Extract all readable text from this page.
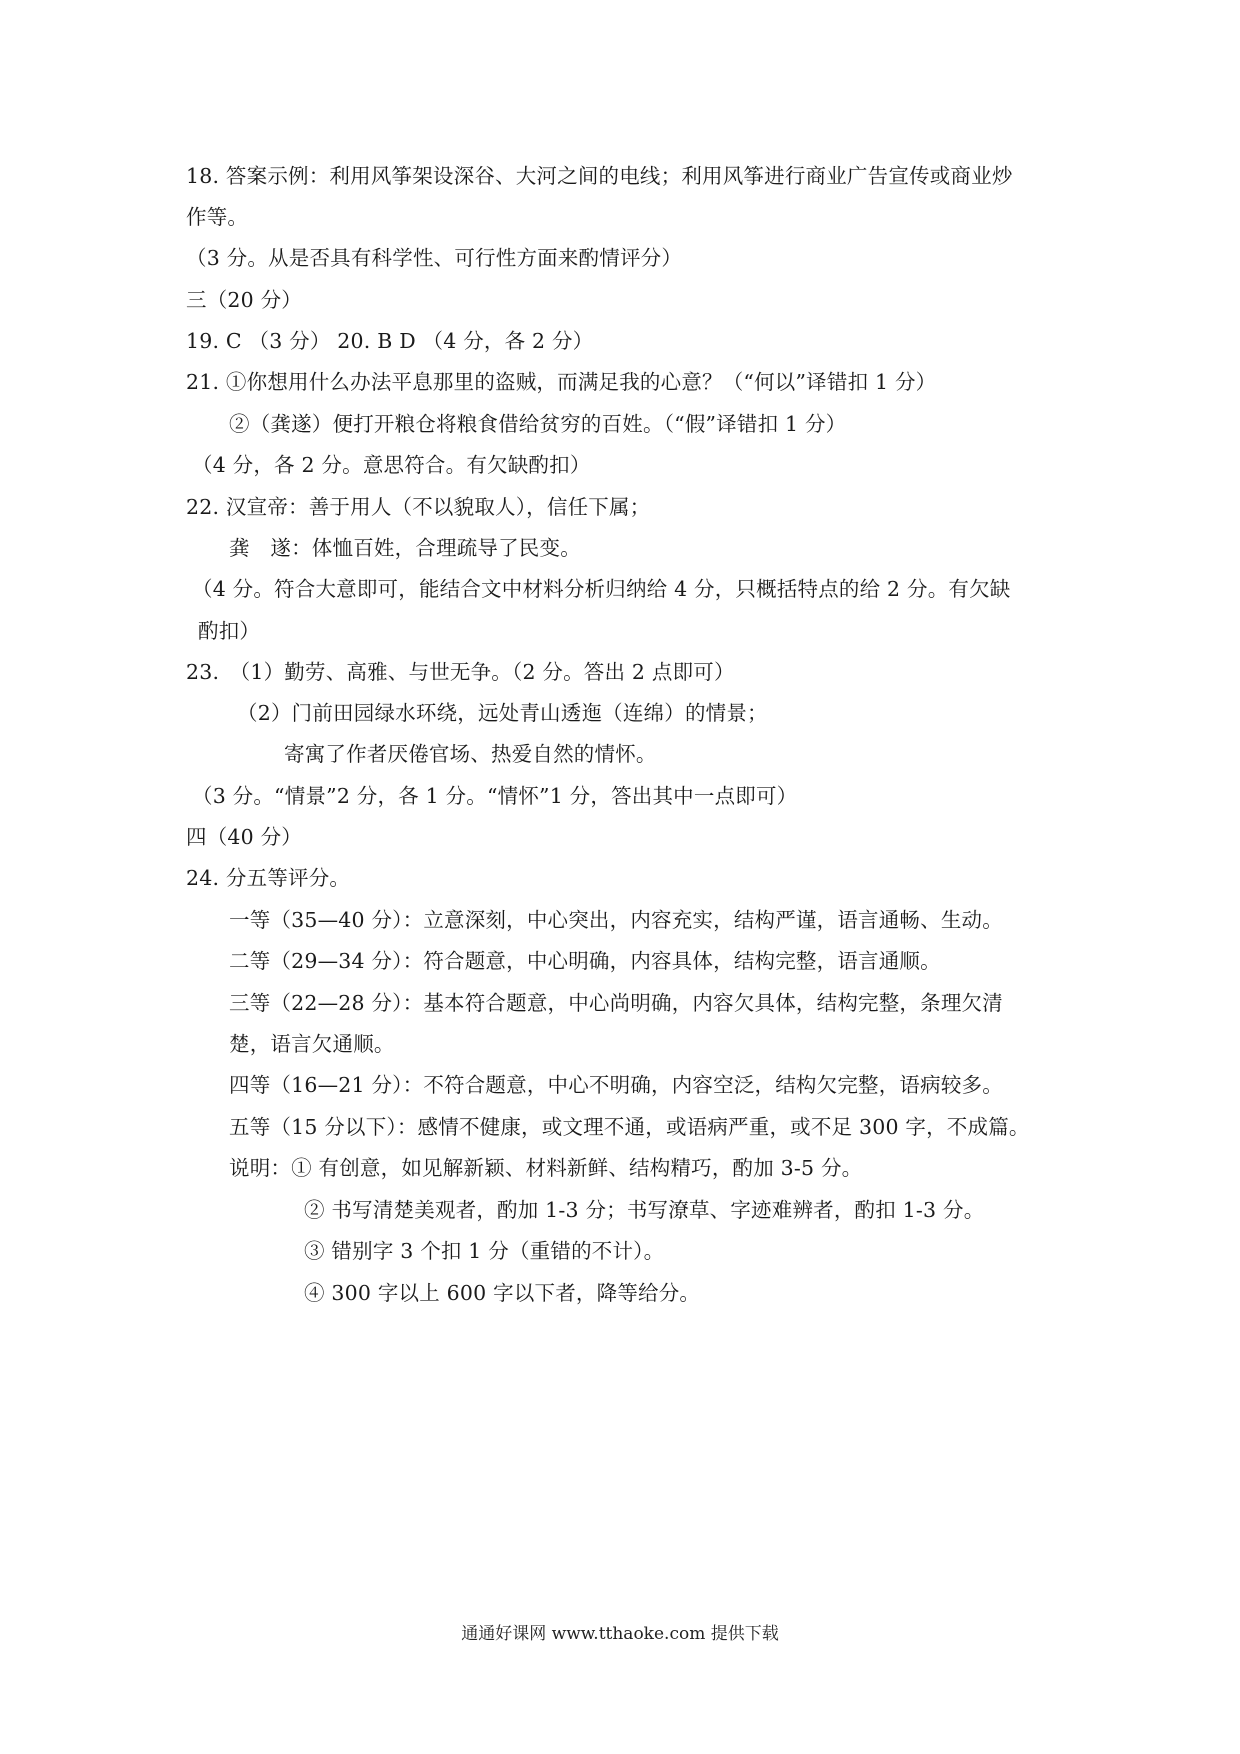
18. 答案示例：利用风筝架设深谷、大河之间的电线；利用风筝进行商业广告宣传或商业炒
作等。
（3 分。从是否具有科学性、可行性方面来酌情评分）
三（20 分）
19. C （3 分） 20. B D （4 分，各 2 分）
21. ①你想用什么办法平息那里的盗贼，而满足我的心意？（“何以”译错扣 1 分）
②（龚遂）便打开粮仓将粮食借给贫穷的百姓。（“假”译错扣 1 分）
（4 分，各 2 分。意思符合。有欠缺酌扣）
22. 汉宣帝：善于用人（不以貌取人），信任下属；
龚　遂：体恤百姓，合理疏导了民变。
（4 分。符合大意即可，能结合文中材料分析归纳给 4 分，只概括特点的给 2 分。有欠缺
酌扣）
23.　（1）勤劳、高雅、与世无争。（2 分。答出 2 点即可）
（2）门前田园绿水环绕，远处青山透迤（连绵）的情景；
寄寓了作者厌倦官场、热爱自然的情怀。
（3 分。“情景”2 分，各 1 分。“情怀”1 分，答出其中一点即可）
四（40 分）
24. 分五等评分。
一等（35—40 分）：立意深刻，中心突出，内容充实，结构严谨，语言通畅、生动。
二等（29—34 分）：符合题意，中心明确，内容具体，结构完整，语言通顺。
三等（22—28 分）：基本符合题意，中心尚明确，内容欠具体，结构完整，条理欠清
楚，语言欠通顺。
四等（16—21 分）：不符合题意，中心不明确，内容空泛，结构欠完整，语病较多。
五等（15 分以下）：感情不健康，或文理不通，或语病严重，或不足 300 字，不成篇。
说明：① 有创意，如见解新颖、材料新鲜、结构精巧，酌加 3-5 分。
② 书写清楚美观者，酌加 1-3 分；书写潦草、字迹难辨者，酌扣 1-3 分。
③ 错别字 3 个扣 1 分（重错的不计）。
④ 300 字以上 600 字以下者，降等给分。
通通好课网 www.tthaoke.com 提供下载
